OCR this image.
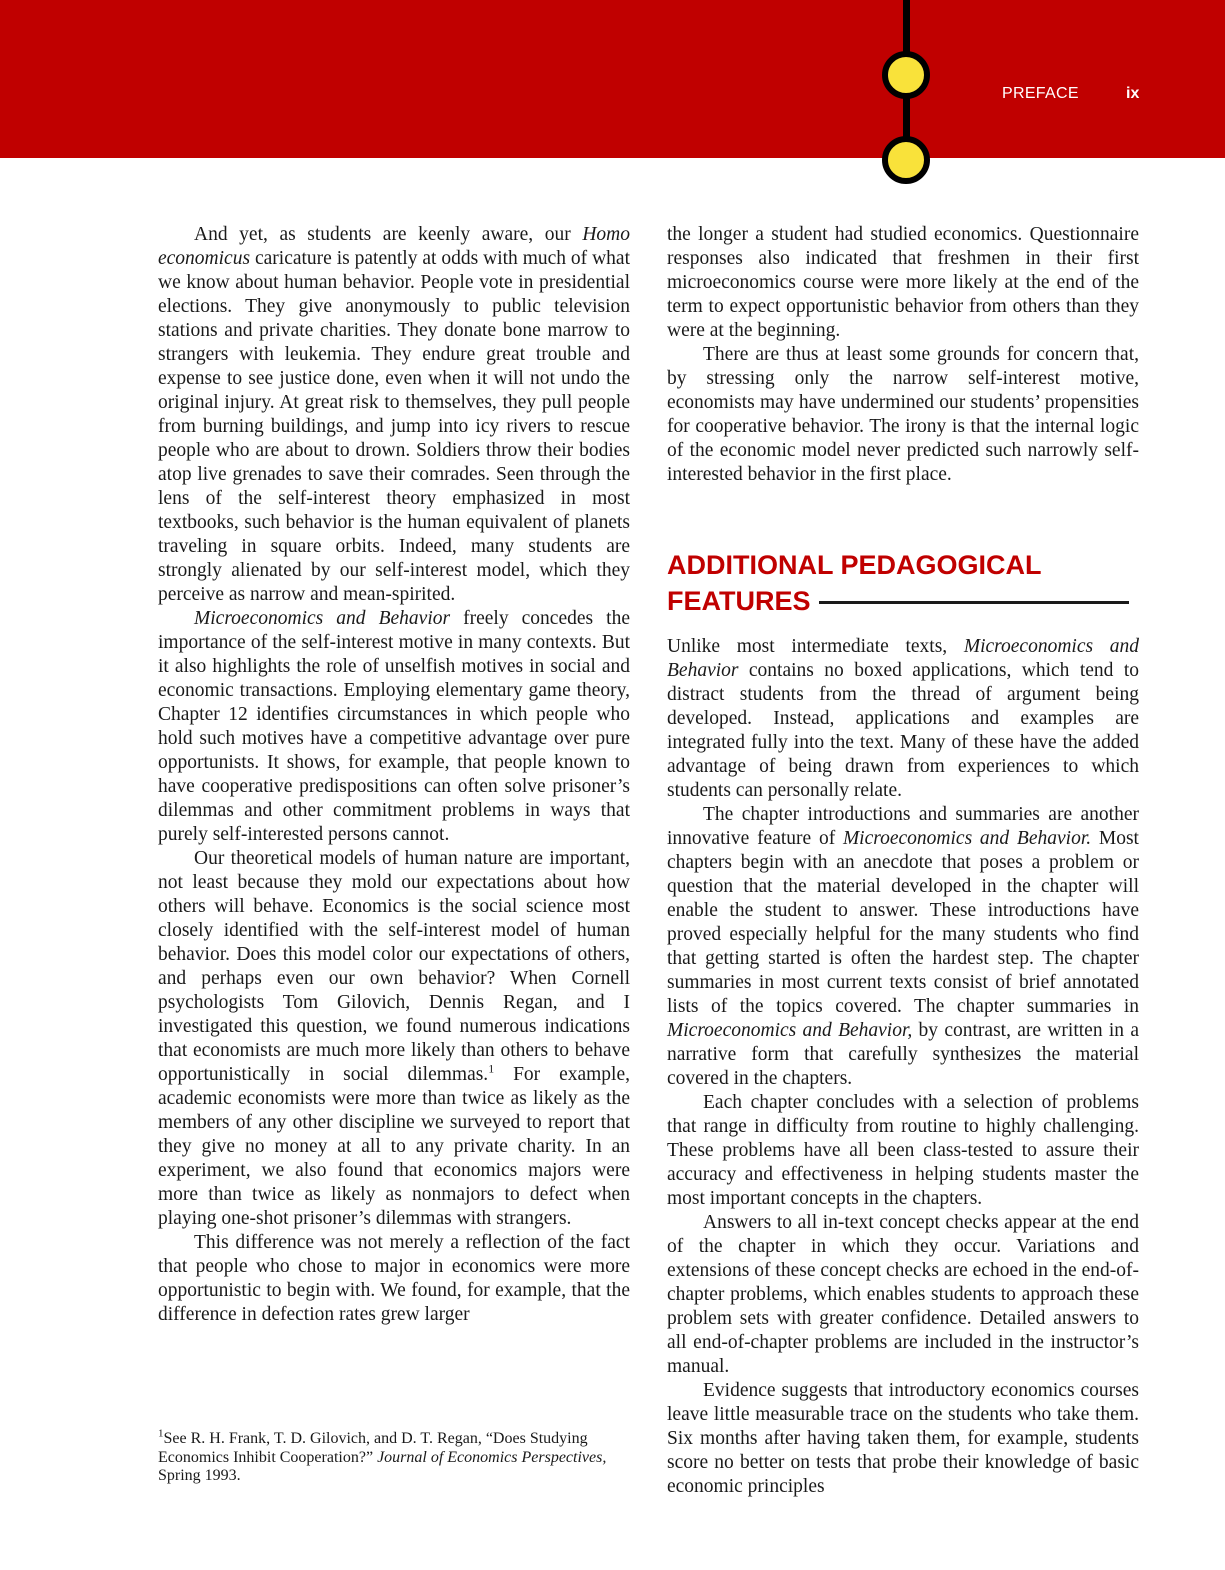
PREFACE	ix

And yet, as students are keenly aware, our Homo economicus caricature is patently at odds with much of what we know about human behavior. People vote in presidential elections. They give anonymously to public television stations and private charities. They donate bone marrow to strangers with leukemia. They endure great trouble and expense to see justice done, even when it will not undo the original injury. At great risk to themselves, they pull people from burning buildings, and jump into icy rivers to rescue people who are about to drown. Soldiers throw their bodies atop live grenades to save their comrades. Seen through the lens of the self-interest theory emphasized in most textbooks, such behavior is the human equivalent of planets traveling in square orbits. Indeed, many students are strongly alienated by our self-interest model, which they perceive as narrow and mean-spirited.

Microeconomics and Behavior freely concedes the importance of the self-interest motive in many contexts. But it also highlights the role of unselfish motives in social and economic transactions. Employing elementary game theory, Chapter 12 identifies circumstances in which people who hold such motives have a competitive advantage over pure opportunists. It shows, for example, that people known to have cooperative predispositions can often solve prisoner’s dilemmas and other commitment problems in ways that purely self-interested persons cannot.

Our theoretical models of human nature are important, not least because they mold our expectations about how others will behave. Economics is the social science most closely identified with the self-interest model of human behavior. Does this model color our expectations of others, and perhaps even our own behavior? When Cornell psychologists Tom Gilovich, Dennis Regan, and I investigated this question, we found numerous indications that economists are much more likely than others to behave opportunistically in social dilemmas.$^1$ For example, academic economists were more than twice as likely as the members of any other discipline we surveyed to report that they give no money at all to any private charity. In an experiment, we also found that economics majors were more than twice as likely as nonmajors to defect when playing one-shot prisoner’s dilemmas with strangers.

This difference was not merely a reflection of the fact that people who chose to major in economics were more opportunistic to begin with. We found, for example, that the difference in defection rates grew larger

$^1$See R. H. Frank, T. D. Gilovich, and D. T. Regan, “Does Studying Economics Inhibit Cooperation?” Journal of Economics Perspectives, Spring 1993.

the longer a student had studied economics. Questionnaire responses also indicated that freshmen in their first microeconomics course were more likely at the end of the term to expect opportunistic behavior from others than they were at the beginning.

There are thus at least some grounds for concern that, by stressing only the narrow self-interest motive, economists may have undermined our students’ propensities for cooperative behavior. The irony is that the internal logic of the economic model never predicted such narrowly self-interested behavior in the first place.

ADDITIONAL PEDAGOGICAL
FEATURES

Unlike most intermediate texts, Microeconomics and Behavior contains no boxed applications, which tend to distract students from the thread of argument being developed. Instead, applications and examples are integrated fully into the text. Many of these have the added advantage of being drawn from experiences to which students can personally relate.

The chapter introductions and summaries are another innovative feature of Microeconomics and Behavior. Most chapters begin with an anecdote that poses a problem or question that the material developed in the chapter will enable the student to answer. These introductions have proved especially helpful for the many students who find that getting started is often the hardest step. The chapter summaries in most current texts consist of brief annotated lists of the topics covered. The chapter summaries in Microeconomics and Behavior, by contrast, are written in a narrative form that carefully synthesizes the material covered in the chapters.

Each chapter concludes with a selection of problems that range in difficulty from routine to highly challenging. These problems have all been class-tested to assure their accuracy and effectiveness in helping students master the most important concepts in the chapters.

Answers to all in-text concept checks appear at the end of the chapter in which they occur. Variations and extensions of these concept checks are echoed in the end-of-chapter problems, which enables students to approach these problem sets with greater confidence. Detailed answers to all end-of-chapter problems are included in the instructor’s manual.

Evidence suggests that introductory economics courses leave little measurable trace on the students who take them. Six months after having taken them, for example, students score no better on tests that probe their knowledge of basic economic principles
